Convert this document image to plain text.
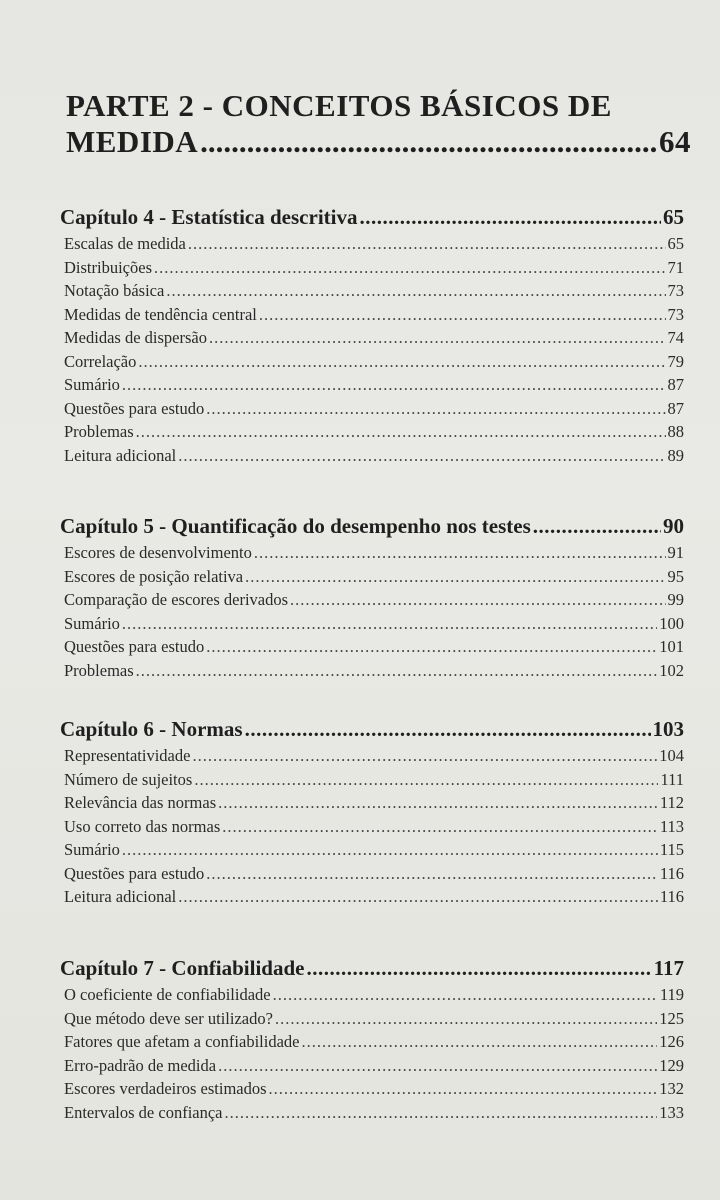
PARTE 2 - CONCEITOS BÁSICOS DE
MEDIDA .....	64
Capítulo 4 - Estatística descritiva .....	65
Escalas de medida .....	65
Distribuições .....	71
Notação básica .....	73
Medidas de tendência central .....	73
Medidas de dispersão .....	74
Correlação .....	79
Sumário .....	87
Questões para estudo .....	87
Problemas .....	88
Leitura adicional .....	89
Capítulo 5 - Quantificação do desempenho nos testes .....	90
Escores de desenvolvimento .....	91
Escores de posição relativa .....	95
Comparação de escores derivados .....	99
Sumário .....	100
Questões para estudo .....	101
Problemas .....	102
Capítulo 6 - Normas .....	103
Representatividade .....	104
Número de sujeitos .....	111
Relevância das normas .....	112
Uso correto das normas .....	113
Sumário .....	115
Questões para estudo .....	116
Leitura adicional .....	116
Capítulo 7 - Confiabilidade .....	117
O coeficiente de confiabilidade .....	119
Que método deve ser utilizado? .....	125
Fatores que afetam a confiabilidade .....	126
Erro-padrão de medida .....	129
Escores verdadeiros estimados .....	132
Entervalos de confiança .....	133
